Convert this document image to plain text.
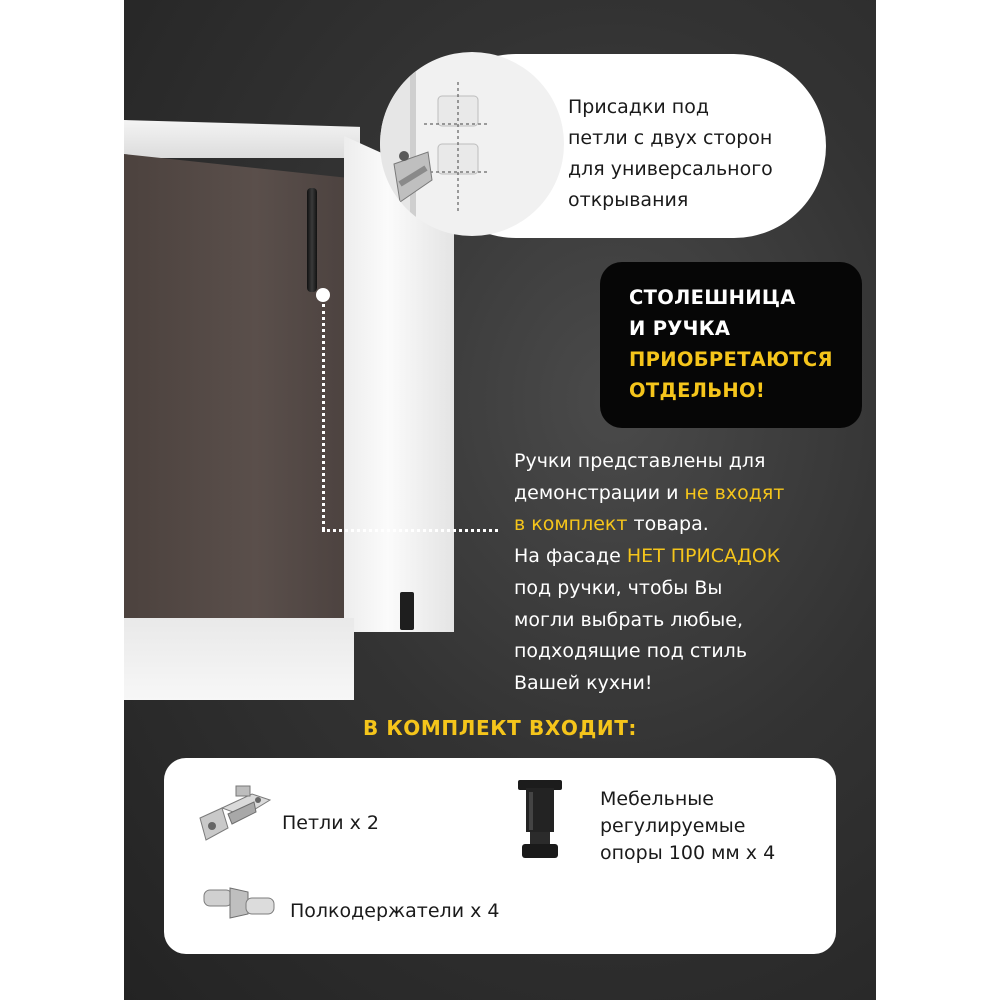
Присадки под
петли с двух сторон
для универсального
открывания
СТОЛЕШНИЦА
И РУЧКА
ПРИОБРЕТАЮТСЯ
ОТДЕЛЬНО!
Ручки представлены для
демонстрации и не входят
в комплект товара.
На фасаде НЕТ ПРИСАДОК
под ручки, чтобы Вы
могли выбрать любые,
подходящие под стиль
Вашей кухни!
В КОМПЛЕКТ ВХОДИТ:
Петли х 2
Мебельные
регулируемые
опоры 100 мм х 4
Полкодержатели х 4
